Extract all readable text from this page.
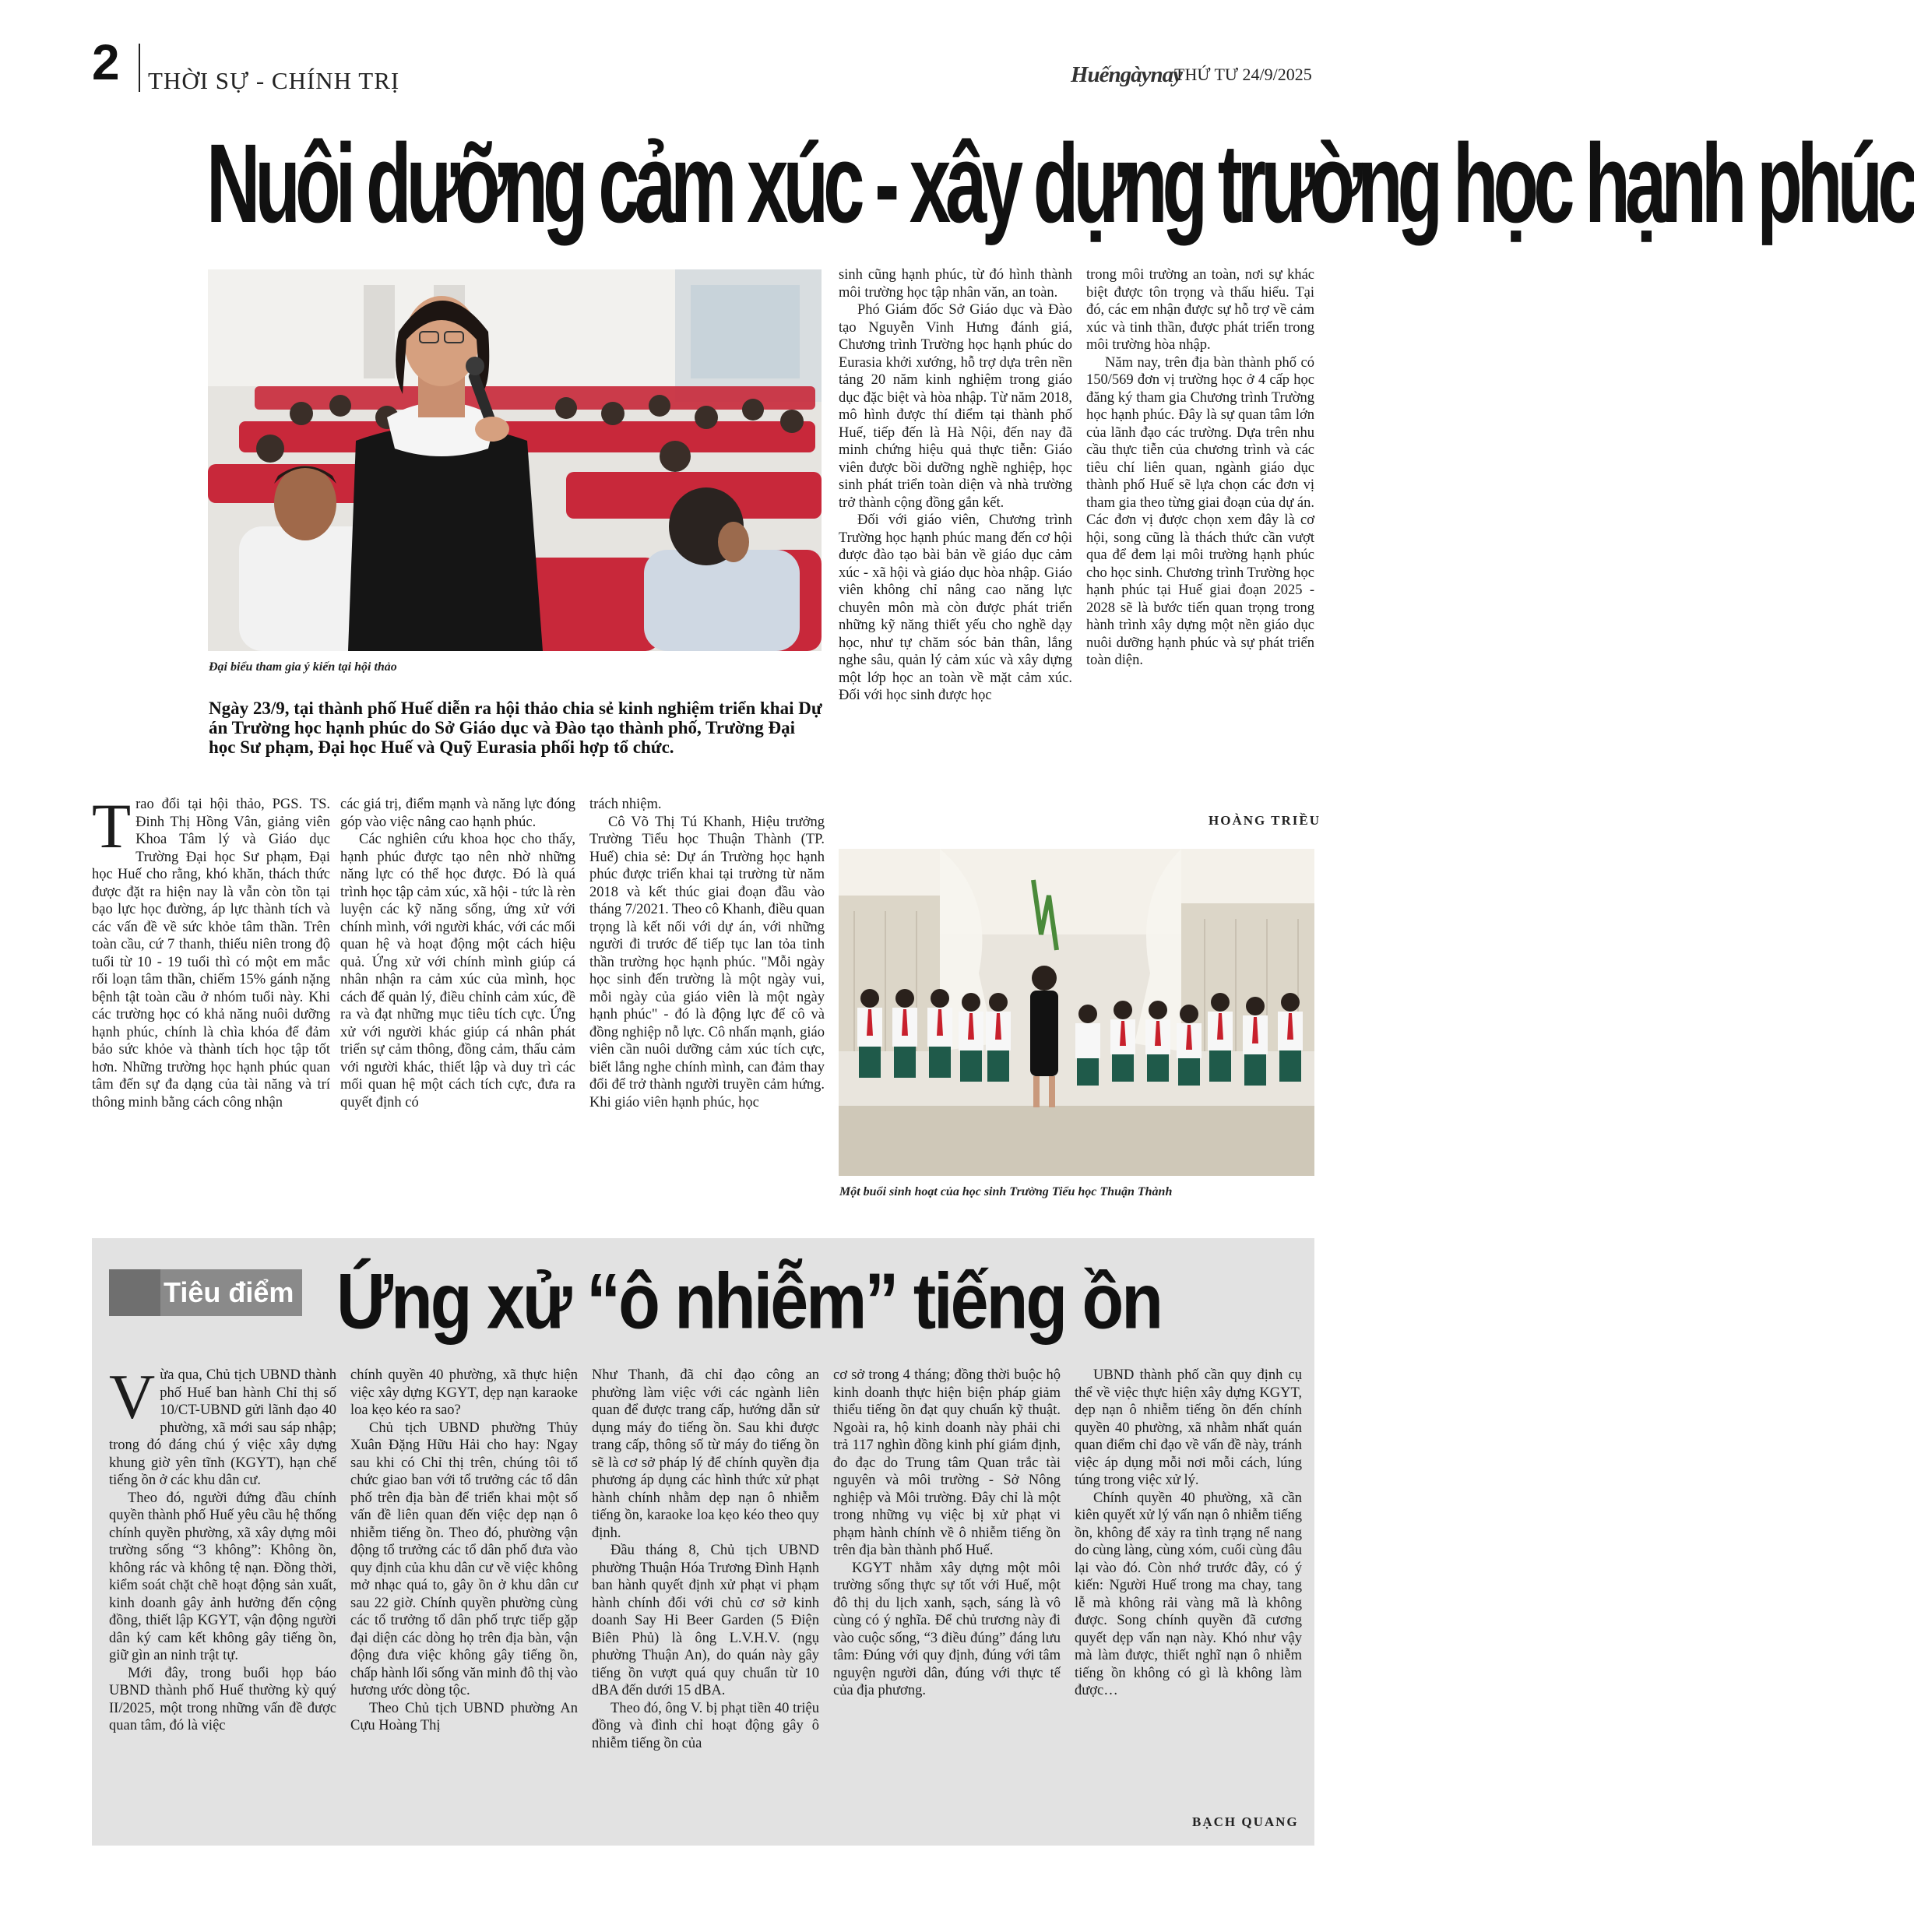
2 THỜI SỰ - CHÍNH TRỊ	Huếngàynay
THỨ TƯ 24/9/2025
Nuôi dưỡng cảm xúc - xây dựng trường học hạnh phúc
Đại biểu tham gia ý kiến tại hội thảo
Ngày 23/9, tại thành phố Huế diễn ra hội thảo chia sẻ kinh nghiệm triển khai Dự án Trường học hạnh phúc do Sở Giáo dục và Đào tạo thành phố, Trường Đại học Sư phạm, Đại học Huế và Quỹ Eurasia phối hợp tổ chức.

Trao đổi tại hội thảo, PGS. TS. Đinh Thị Hồng Vân, giảng viên Khoa Tâm lý và Giáo dục Trường Đại học Sư phạm, Đại học Huế cho rằng, khó khăn, thách thức được đặt ra hiện nay là vẫn còn tồn tại bạo lực học đường, áp lực thành tích và các vấn đề về sức khỏe tâm thần. Trên toàn cầu, cứ 7 thanh, thiếu niên trong độ tuổi từ 10 - 19 tuổi thì có một em mắc rối loạn tâm thần, chiếm 15% gánh nặng bệnh tật toàn cầu ở nhóm tuổi này. Khi các trường học có khả năng nuôi dưỡng hạnh phúc, chính là chìa khóa để đảm bảo sức khỏe và thành tích học tập tốt hơn. Những trường học hạnh phúc quan tâm đến sự đa dạng của tài năng và trí thông minh bằng cách công nhận

các giá trị, điểm mạnh và năng lực đóng góp vào việc nâng cao hạnh phúc.

Các nghiên cứu khoa học cho thấy, hạnh phúc được tạo nên nhờ những năng lực có thể học được. Đó là quá trình học tập cảm xúc, xã hội - tức là rèn luyện các kỹ năng sống, ứng xử với chính mình, với người khác, với các mối quan hệ và hoạt động một cách hiệu quả. Ứng xử với chính mình giúp cá nhân nhận ra cảm xúc của mình, học cách để quản lý, điều chỉnh cảm xúc, đề ra và đạt những mục tiêu tích cực. Ứng xử với người khác giúp cá nhân phát triển sự cảm thông, đồng cảm, thấu cảm với người khác, thiết lập và duy trì các mối quan hệ một cách tích cực, đưa ra quyết định có

trách nhiệm.

Cô Võ Thị Tú Khanh, Hiệu trưởng Trường Tiểu học Thuận Thành (TP. Huế) chia sẻ: Dự án Trường học hạnh phúc được triển khai tại trường từ năm 2018 và kết thúc giai đoạn đầu vào tháng 7/2021. Theo cô Khanh, điều quan trọng là kết nối với dự án, với những người đi trước để tiếp tục lan tỏa tinh thần trường học hạnh phúc. "Mỗi ngày học sinh đến trường là một ngày vui, mỗi ngày của giáo viên là một ngày hạnh phúc" - đó là động lực để cô và đồng nghiệp nỗ lực. Cô nhấn mạnh, giáo viên cần nuôi dưỡng cảm xúc tích cực, biết lắng nghe chính mình, can đảm thay đổi để trở thành người truyền cảm hứng. Khi giáo viên hạnh phúc, học

sinh cũng hạnh phúc, từ đó hình thành môi trường học tập nhân văn, an toàn.

Phó Giám đốc Sở Giáo dục và Đào tạo Nguyễn Vinh Hưng đánh giá, Chương trình Trường học hạnh phúc do Eurasia khởi xướng, hỗ trợ dựa trên nền tảng 20 năm kinh nghiệm trong giáo dục đặc biệt và hòa nhập. Từ năm 2018, mô hình được thí điểm tại thành phố Huế, tiếp đến là Hà Nội, đến nay đã minh chứng hiệu quả thực tiễn: Giáo viên được bồi dưỡng nghề nghiệp, học sinh phát triển toàn diện và nhà trường trở thành cộng đồng gắn kết.

Đối với giáo viên, Chương trình Trường học hạnh phúc mang đến cơ hội được đào tạo bài bản về giáo dục cảm xúc - xã hội và giáo dục hòa nhập. Giáo viên không chỉ nâng cao năng lực chuyên môn mà còn được phát triển những kỹ năng thiết yếu cho nghề dạy học, như tự chăm sóc bản thân, lắng nghe sâu, quản lý cảm xúc và xây dựng một lớp học an toàn về mặt cảm xúc. Đối với học sinh được học

trong môi trường an toàn, nơi sự khác biệt được tôn trọng và thấu hiểu. Tại đó, các em nhận được sự hỗ trợ về cảm xúc và tinh thần, được phát triển trong môi trường hòa nhập.

Năm nay, trên địa bàn thành phố có 150/569 đơn vị trường học ở 4 cấp học đăng ký tham gia Chương trình Trường học hạnh phúc. Đây là sự quan tâm lớn của lãnh đạo các trường. Dựa trên nhu cầu thực tiễn của chương trình và các tiêu chí liên quan, ngành giáo dục thành phố Huế sẽ lựa chọn các đơn vị tham gia theo từng giai đoạn của dự án. Các đơn vị được chọn xem đây là cơ hội, song cũng là thách thức cần vượt qua để đem lại môi trường hạnh phúc cho học sinh. Chương trình Trường học hạnh phúc tại Huế giai đoạn 2025 - 2028 sẽ là bước tiến quan trọng trong hành trình xây dựng một nền giáo dục nuôi dưỡng hạnh phúc và sự phát triển toàn diện.

HOÀNG TRIỀU
Một buổi sinh hoạt của học sinh Trường Tiểu học Thuận Thành
Tiêu điểm Ứng xử “ô nhiễm” tiếng ồn

Vừa qua, Chủ tịch UBND thành phố Huế ban hành Chỉ thị số 10/CT-UBND gửi lãnh đạo 40 phường, xã mới sau sáp nhập; trong đó đáng chú ý việc xây dựng khung giờ yên tĩnh (KGYT), hạn chế tiếng ồn ở các khu dân cư.

Theo đó, người đứng đầu chính quyền thành phố Huế yêu cầu hệ thống chính quyền phường, xã xây dựng môi trường sống “3 không”: Không ồn, không rác và không tệ nạn. Đồng thời, kiểm soát chặt chẽ hoạt động sản xuất, kinh doanh gây ảnh hưởng đến cộng đồng, thiết lập KGYT, vận động người dân ký cam kết không gây tiếng ồn, giữ gìn an ninh trật tự.

Mới đây, trong buổi họp báo UBND thành phố Huế thường kỳ quý II/2025, một trong những vấn đề được quan tâm, đó là việc

chính quyền 40 phường, xã thực hiện việc xây dựng KGYT, dẹp nạn karaoke loa kẹo kéo ra sao?

Chủ tịch UBND phường Thủy Xuân Đặng Hữu Hải cho hay: Ngay sau khi có Chỉ thị trên, chúng tôi tổ chức giao ban với tổ trưởng các tổ dân phố trên địa bàn để triển khai một số vấn đề liên quan đến việc dẹp nạn ô nhiễm tiếng ồn. Theo đó, phường vận động tổ trưởng các tổ dân phố đưa vào quy định của khu dân cư về việc không mở nhạc quá to, gây ồn ở khu dân cư sau 22 giờ. Chính quyền phường cùng các tổ trưởng tổ dân phố trực tiếp gặp đại diện các dòng họ trên địa bàn, vận động đưa việc không gây tiếng ồn, chấp hành lối sống văn minh đô thị vào hương ước dòng tộc.

Theo Chủ tịch UBND phường An Cựu Hoàng Thị

Như Thanh, đã chỉ đạo công an phường làm việc với các ngành liên quan để được trang cấp, hướng dẫn sử dụng máy đo tiếng ồn. Sau khi được trang cấp, thông số từ máy đo tiếng ồn sẽ là cơ sở pháp lý để chính quyền địa phương áp dụng các hình thức xử phạt hành chính nhằm dẹp nạn ô nhiễm tiếng ồn, karaoke loa kẹo kéo theo quy định.

Đầu tháng 8, Chủ tịch UBND phường Thuận Hóa Trương Đình Hạnh ban hành quyết định xử phạt vi phạm hành chính đối với chủ cơ sở kinh doanh Say Hi Beer Garden (5 Điện Biên Phủ) là ông L.V.H.V. (ngụ phường Thuận An), do quán này gây tiếng ồn vượt quá quy chuẩn từ 10 dBA đến dưới 15 dBA.

Theo đó, ông V. bị phạt tiền 40 triệu đồng và đình chỉ hoạt động gây ô nhiễm tiếng ồn của

cơ sở trong 4 tháng; đồng thời buộc hộ kinh doanh thực hiện biện pháp giảm thiểu tiếng ồn đạt quy chuẩn kỹ thuật. Ngoài ra, hộ kinh doanh này phải chi trả 117 nghìn đồng kinh phí giám định, đo đạc do Trung tâm Quan trắc tài nguyên và môi trường - Sở Nông nghiệp và Môi trường. Đây chỉ là một trong những vụ việc bị xử phạt vi phạm hành chính về ô nhiễm tiếng ồn trên địa bàn thành phố Huế.

KGYT nhằm xây dựng một môi trường sống thực sự tốt với Huế, một đô thị du lịch xanh, sạch, sáng là vô cùng có ý nghĩa. Để chủ trương này đi vào cuộc sống, “3 điều đúng” đáng lưu tâm: Đúng với quy định, đúng với tâm nguyện người dân, đúng với thực tế của địa phương.

UBND thành phố cần quy định cụ thể về việc thực hiện xây dựng KGYT, dẹp nạn ô nhiễm tiếng ồn đến chính quyền 40 phường, xã nhằm nhất quán quan điểm chỉ đạo về vấn đề này, tránh việc áp dụng mỗi nơi mỗi cách, lúng túng trong việc xử lý.

Chính quyền 40 phường, xã cần kiên quyết xử lý vấn nạn ô nhiễm tiếng ồn, không để xảy ra tình trạng nể nang do cùng làng, cùng xóm, cuối cùng đâu lại vào đó. Còn nhớ trước đây, có ý kiến: Người Huế trong ma chay, tang lễ mà không rải vàng mã là không được. Song chính quyền đã cương quyết dẹp vấn nạn này. Khó như vậy mà làm được, thiết nghĩ nạn ô nhiễm tiếng ồn không có gì là không làm được…

BẠCH QUANG
